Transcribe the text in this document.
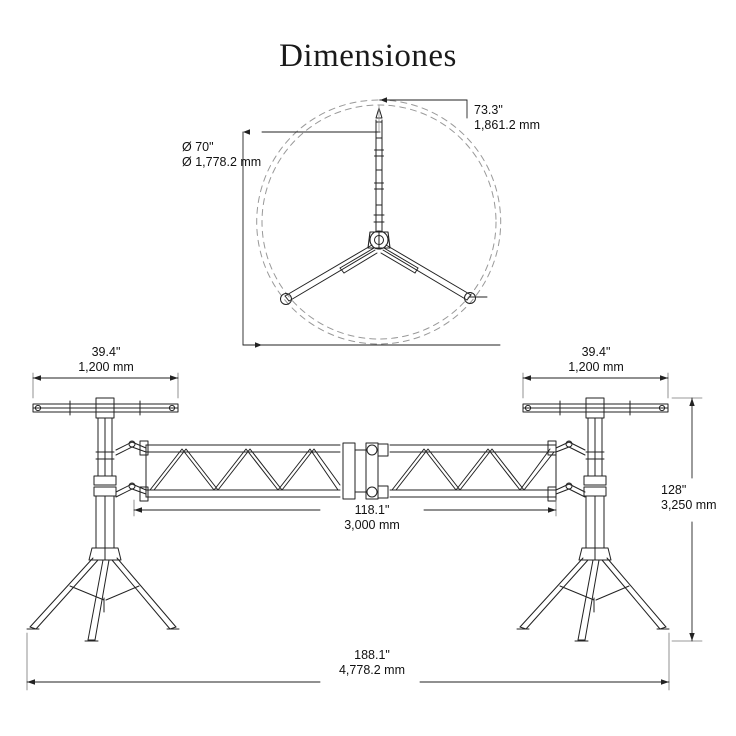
Dimensiones
Ø 70"
Ø 1,778.2 mm
73.3"
1,861.2 mm
39.4"
1,200 mm
39.4"
1,200 mm
118.1"
3,000 mm
128"
3,250 mm
188.1"
4,778.2 mm
